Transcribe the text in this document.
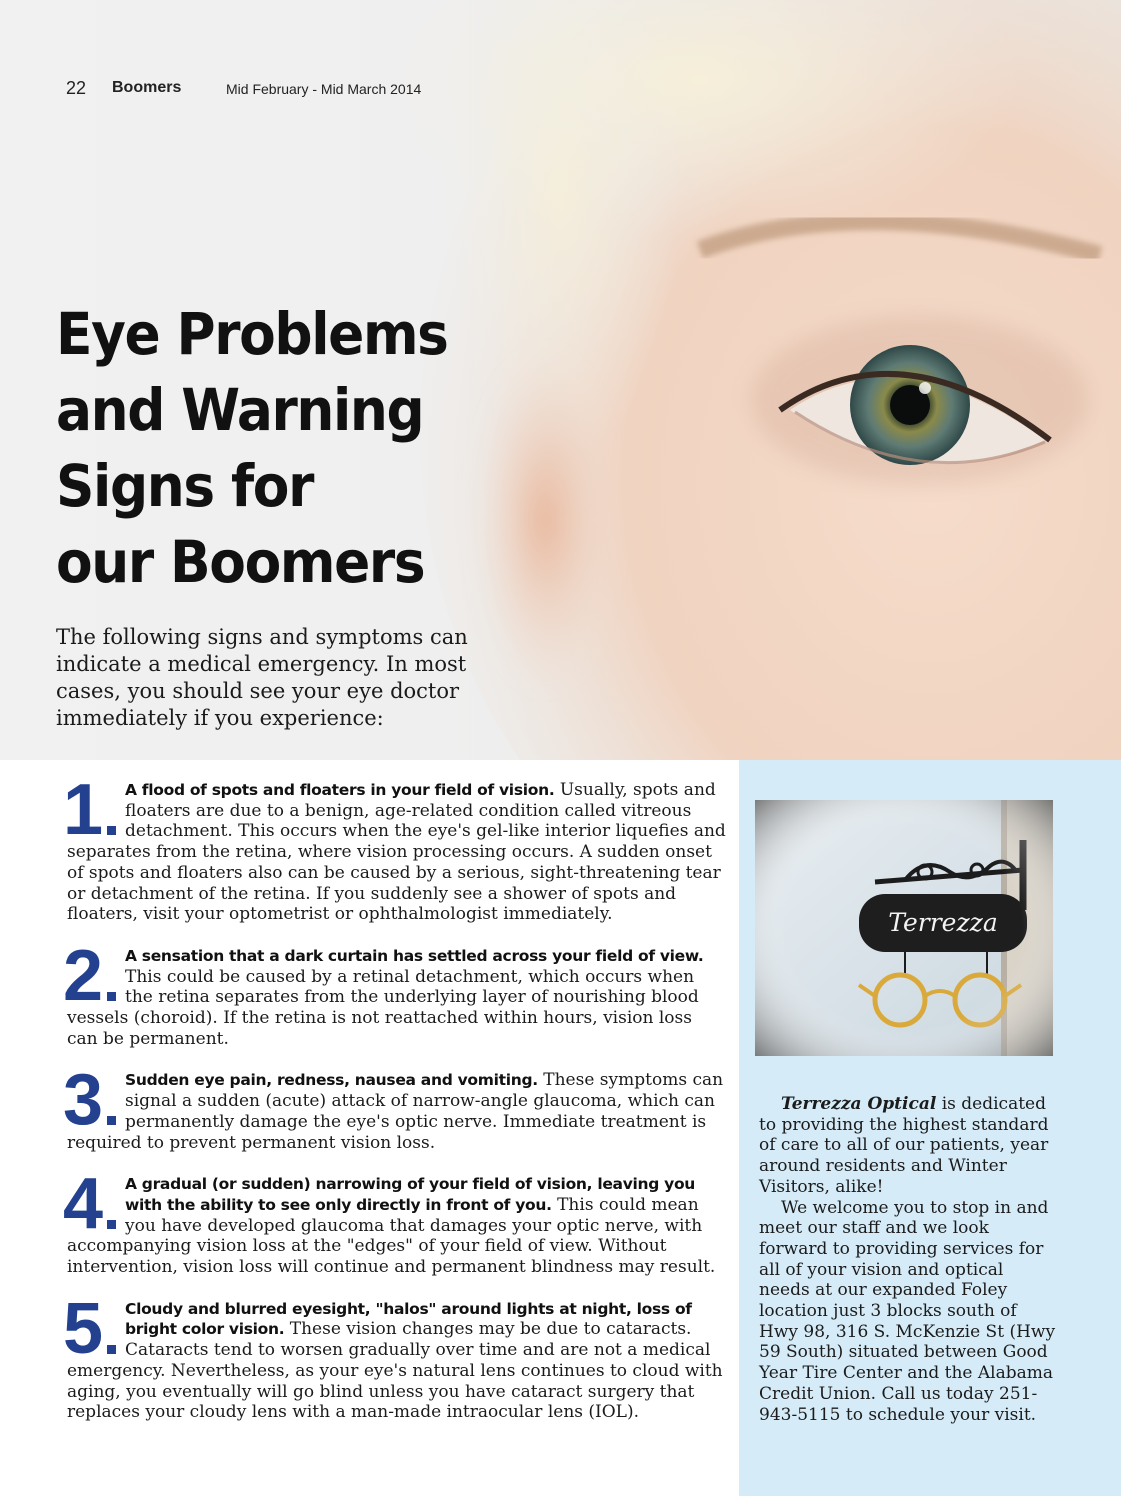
22 Boomers	Mid February - Mid March 2014
Eye Problems
and Warning
Signs for
our Boomers

The following signs and symptoms can indicate a medical emergency. In most cases, you should see your eye doctor immediately if you experience:

1 A flood of spots and floaters in your field of vision. Usually, spots and floaters are due to a benign, age-related condition called vitreous detachment. This occurs when the eye's gel-like interior liquefies and separates from the retina, where vision processing occurs. A sudden onset of spots and floaters also can be caused by a serious, sight-threatening tear or detachment of the retina. If you suddenly see a shower of spots and floaters, visit your optometrist or ophthalmologist immediately.
2 A sensation that a dark curtain has settled across your field of view. This could be caused by a retinal detachment, which occurs when the retina separates from the underlying layer of nourishing blood vessels (choroid). If the retina is not reattached within hours, vision loss can be permanent.
3 Sudden eye pain, redness, nausea and vomiting. These symptoms can signal a sudden (acute) attack of narrow-angle glaucoma, which can permanently damage the eye's optic nerve. Immediate treatment is required to prevent permanent vision loss.
4 A gradual (or sudden) narrowing of your field of vision, leaving you with the ability to see only directly in front of you. This could mean you have developed glaucoma that damages your optic nerve, with accompanying vision loss at the "edges" of your field of view. Without intervention, vision loss will continue and permanent blindness may result.
5 Cloudy and blurred eyesight, "halos" around lights at night, loss of bright color vision. These vision changes may be due to cataracts. Cataracts tend to worsen gradually over time and are not a medical emergency. Nevertheless, as your eye's natural lens continues to cloud with aging, you eventually will go blind unless you have cataract surgery that replaces your cloudy lens with a man-made intraocular lens (IOL).

Terrezza Optical is dedicated to providing the highest standard of care to all of our patients, year around residents and Winter Visitors, alike!

We welcome you to stop in and meet our staff and we look forward to providing services for all of your vision and optical needs at our expanded Foley location just 3 blocks south of Hwy 98, 316 S. McKenzie St (Hwy 59 South) situated between Good Year Tire Center and the Alabama Credit Union. Call us today 251-943-5115 to schedule your visit.
